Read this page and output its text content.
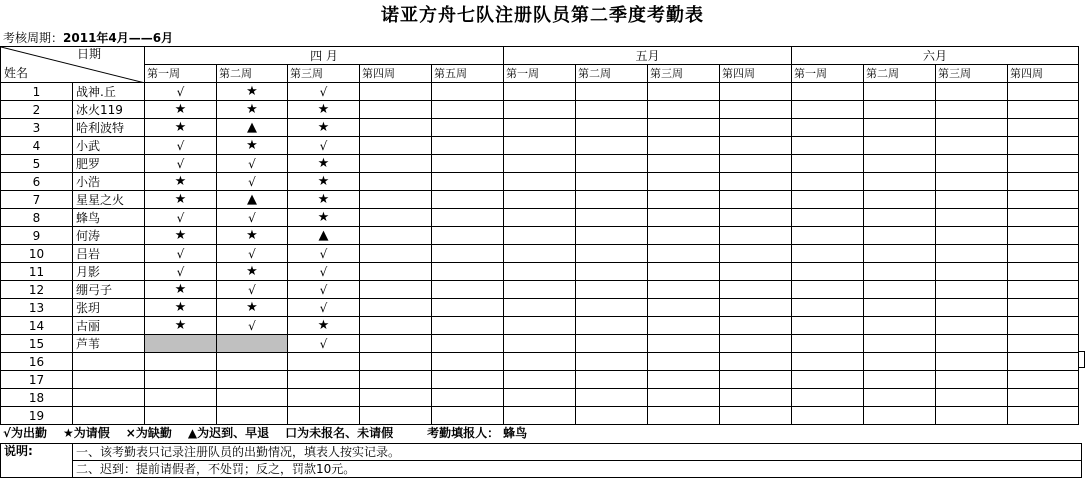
诺亚方舟七队注册队员第二季度考勤表
考核周期：2011年4月——6月
日期
姓名		四 月					五月				六月			
		第一周	第二周	第三周	第四周	第五周	第一周	第二周	第三周	第四周	第一周	第二周	第三周	第四周
1	战神.丘	√	★	√										
2	冰火119	★	★	★										
3	哈利波特	★	▲	★										
4	小武	√	★	√										
5	肥罗	√	√	★										
6	小浩	★	√	★										
7	星星之火	★	▲	★										
8	蜂鸟	√	√	★										
9	何涛	★	★	▲										
10	吕岩	√	√	√										
11	月影	√	★	√										
12	绷弓子	★	√	√										
13	张玥	★	★	√										
14	古丽	★	√	★										
15	芦苇			√										
16														
17														
18														
19														
√为出勤 ★为请假 ×为缺勤 ▲为迟到、早退 口为未报名、未请假	考勤填报人： 蜂鸟
说明:	一、该考勤表只记录注册队员的出勤情况，填表人按实记录。
二、迟到：提前请假者，不处罚；反之，罚款10元。
